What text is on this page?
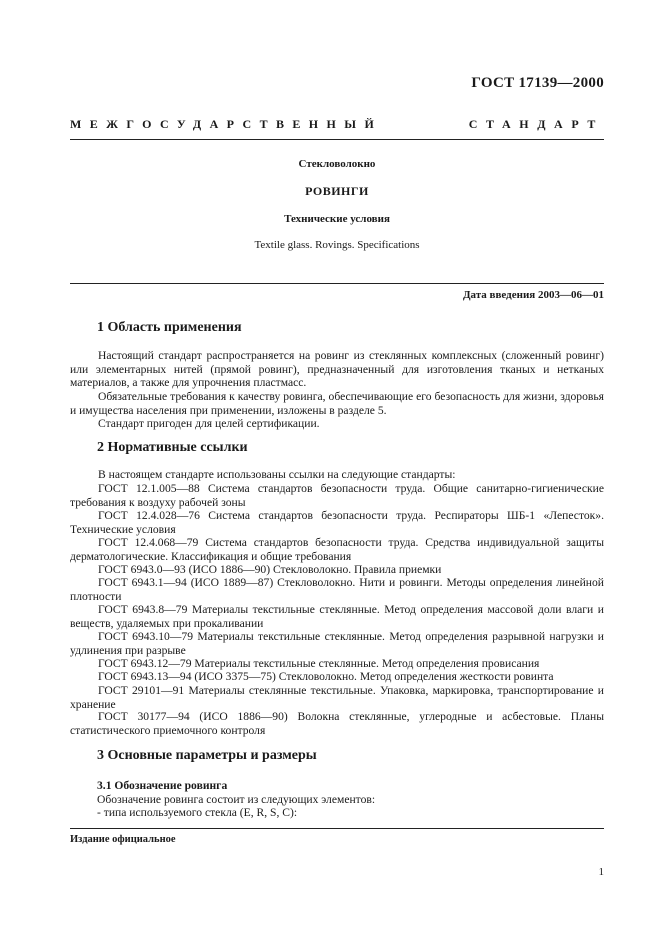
ГОСТ 17139—2000
МЕЖГОСУДАРСТВЕННЫЙ	СТАНДАРТ
Стекловолокно
РОВИНГИ
Технические условия
Textile glass. Rovings. Specifications
Дата введения 2003—06—01
1 Область применения

Настоящий стандарт распространяется на ровинг из стеклянных комплексных (сложенный ровинг) или элементарных нитей (прямой ровинг), предназначенный для изготовления тканых и нетканых материалов, а также для упрочнения пластмасс.

Обязательные требования к качеству ровинга, обеспечивающие его безопасность для жизни, здоровья и имущества населения при применении, изложены в разделе 5.

Стандарт пригоден для целей сертификации.

2 Нормативные ссылки

В настоящем стандарте использованы ссылки на следующие стандарты:

ГОСТ 12.1.005—88 Система стандартов безопасности труда. Общие санитарно-гигиенические требования к воздуху рабочей зоны

ГОСТ 12.4.028—76 Система стандартов безопасности труда. Респираторы ШБ-1 «Лепесток». Технические условия

ГОСТ 12.4.068—79 Система стандартов безопасности труда. Средства индивидуальной защиты дерматологические. Классификация и общие требования

ГОСТ 6943.0—93 (ИСО 1886—90) Стекловолокно. Правила приемки

ГОСТ 6943.1—94 (ИСО 1889—87) Стекловолокно. Нити и ровинги. Методы определения линейной плотности

ГОСТ 6943.8—79 Материалы текстильные стеклянные. Метод определения массовой доли влаги и веществ, удаляемых при прокаливании

ГОСТ 6943.10—79 Материалы текстильные стеклянные. Метод определения разрывной нагрузки и удлинения при разрыве

ГОСТ 6943.12—79 Материалы текстильные стеклянные. Метод определения провисания

ГОСТ 6943.13—94 (ИСО 3375—75) Стекловолокно. Метод определения жесткости ровинта

ГОСТ 29101—91 Материалы стеклянные текстильные. Упаковка, маркировка, транспортирование и хранение

ГОСТ 30177—94 (ИСО 1886—90) Волокна стеклянные, углеродные и асбестовые. Планы статистического приемочного контроля

3 Основные параметры и размеры

3.1 Обозначение ровинга

Обозначение ровинга состоит из следующих элементов:

- типа используемого стекла (E, R, S, C):

Издание официальное
1
